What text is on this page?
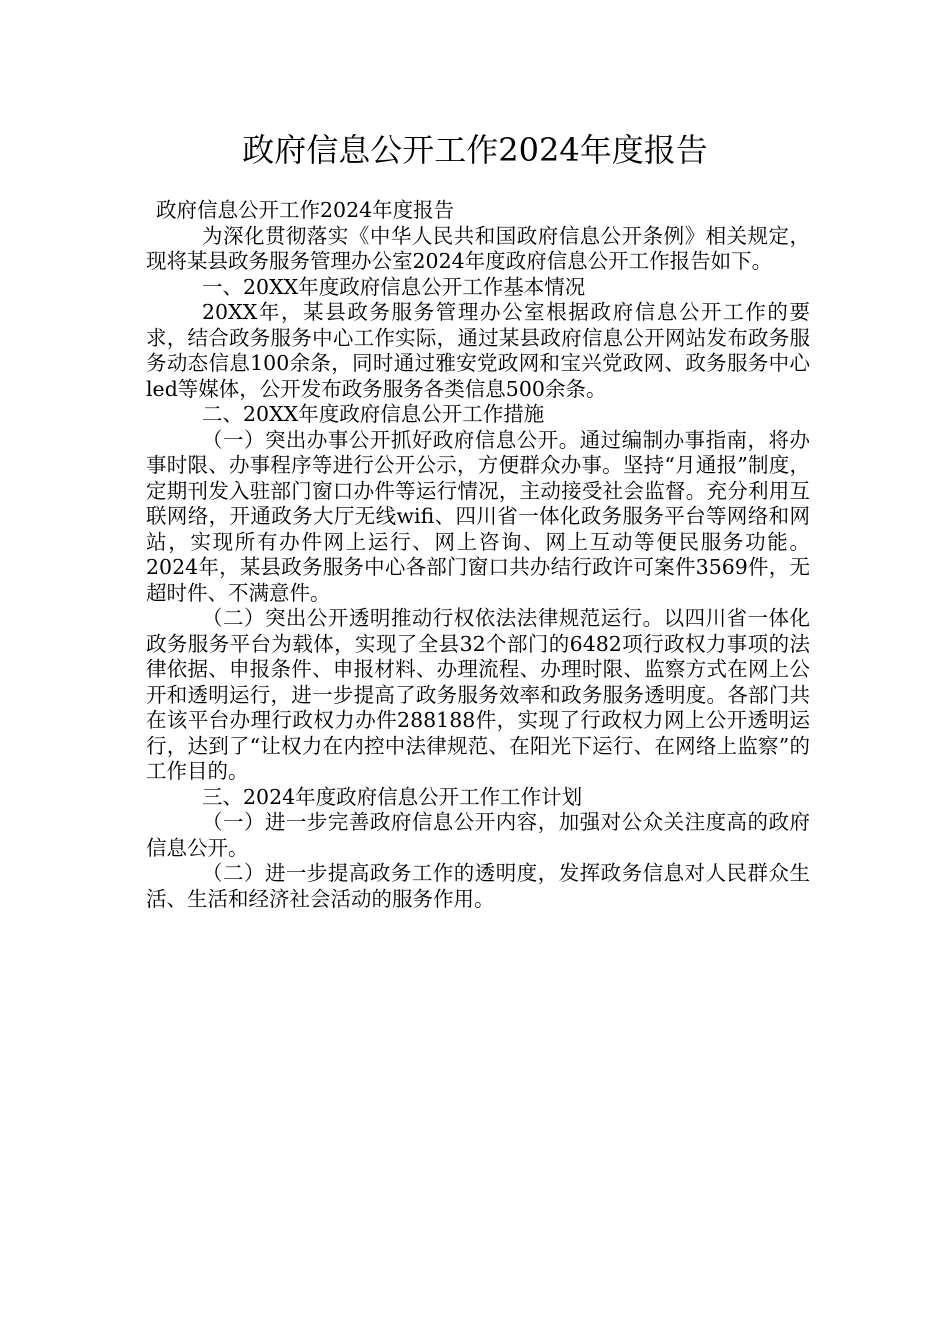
政府信息公开工作2024年度报告

政府信息公开工作2024年度报告

为深化贯彻落实《中华人民共和国政府信息公开条例》相关规定，现将某县政务服务管理办公室2024年度政府信息公开工作报告如下。

一、20XX年度政府信息公开工作基本情况

20XX年，某县政务服务管理办公室根据政府信息公开工作的要求，结合政务服务中心工作实际，通过某县政府信息公开网站发布政务服务动态信息100余条，同时通过雅安党政网和宝兴党政网、政务服务中心led等媒体，公开发布政务服务各类信息500余条。

二、20XX年度政府信息公开工作措施

（一）突出办事公开抓好政府信息公开。通过编制办事指南，将办事时限、办事程序等进行公开公示，方便群众办事。坚持“月通报”制度，定期刊发入驻部门窗口办件等运行情况，主动接受社会监督。充分利用互联网络，开通政务大厅无线wifi、四川省一体化政务服务平台等网络和网站，实现所有办件网上运行、网上咨询、网上互动等便民服务功能。2024年，某县政务服务中心各部门窗口共办结行政许可案件3569件，无超时件、不满意件。

（二）突出公开透明推动行权依法法律规范运行。以四川省一体化政务服务平台为载体，实现了全县32个部门的6482项行政权力事项的法律依据、申报条件、申报材料、办理流程、办理时限、监察方式在网上公开和透明运行，进一步提高了政务服务效率和政务服务透明度。各部门共在该平台办理行政权力办件288188件，实现了行政权力网上公开透明运行，达到了“让权力在内控中法律规范、在阳光下运行、在网络上监察”的工作目的。

三、2024年度政府信息公开工作工作计划

（一）进一步完善政府信息公开内容，加强对公众关注度高的政府信息公开。

（二）进一步提高政务工作的透明度，发挥政务信息对人民群众生活、生活和经济社会活动的服务作用。
